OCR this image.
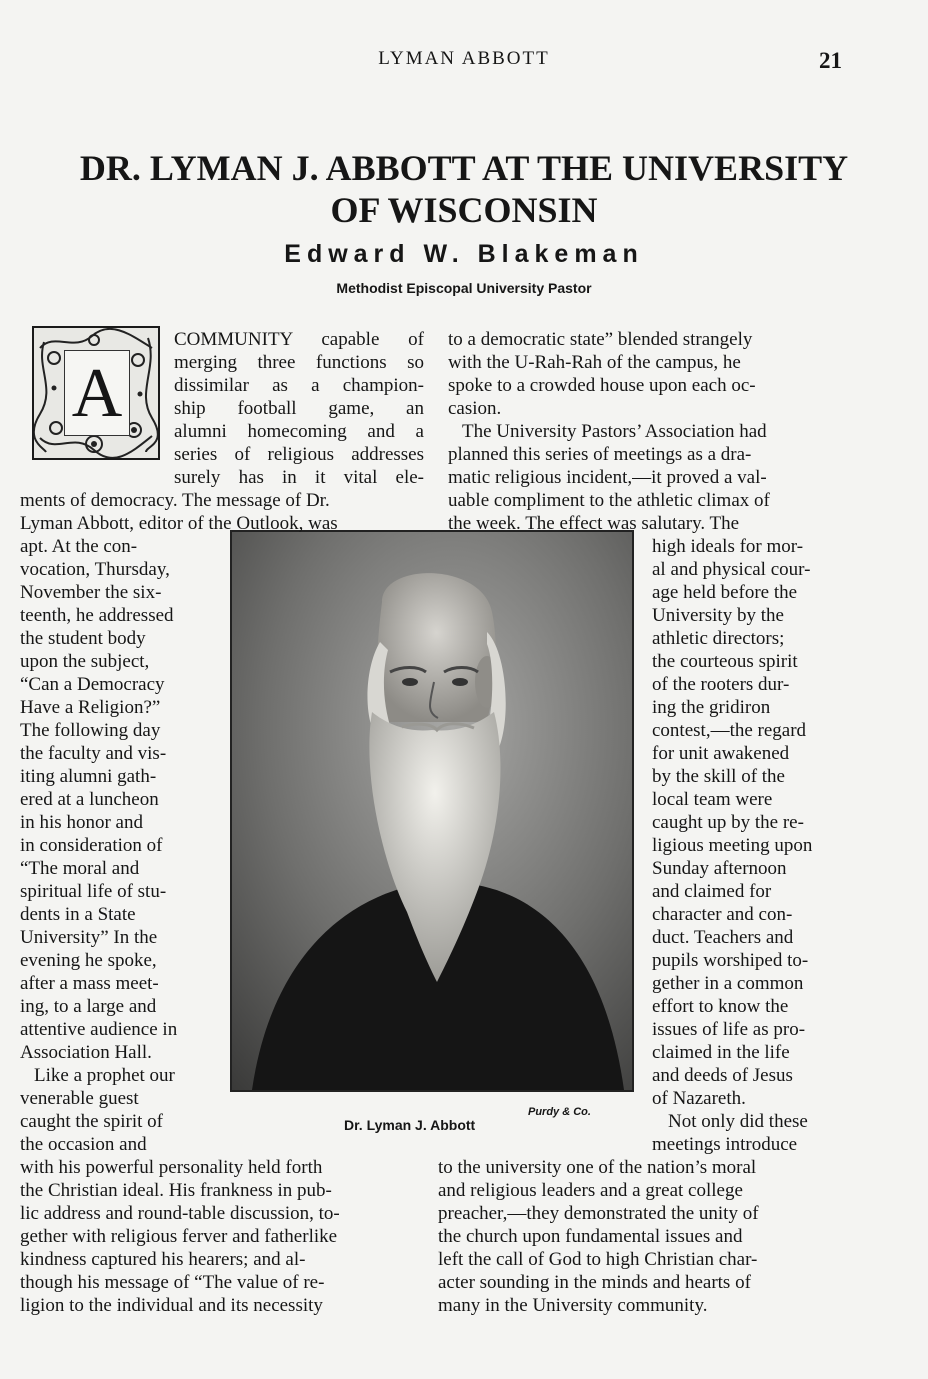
LYMAN ABBOTT	21
DR. LYMAN J. ABBOTT AT THE UNIVERSITY
OF WISCONSIN
Edward W. Blakeman
Methodist Episcopal University Pastor
A
Dr. Lyman J. Abbott
Purdy & Co.
COMMUNITY capable of
merging three functions so
dissimilar as a champion-
ship football game, an
alumni homecoming and a
series of religious addresses
surely has in it vital ele-
ments of democracy. The message of Dr.
Lyman Abbott, editor of the Outlook, was
apt. At the con-
vocation, Thursday,
November the six-
teenth, he addressed
the student body
upon the subject,
“Can a Democracy
Have a Religion?”
The following day
the faculty and vis-
iting alumni gath-
ered at a luncheon
in his honor and
in consideration of
“The moral and
spiritual life of stu-
dents in a State
University” In the
evening he spoke,
after a mass meet-
ing, to a large and
attentive audience in
Association Hall.
Like a prophet our
venerable guest
caught the spirit of
the occasion and
with his powerful personality held forth
the Christian ideal. His frankness in pub-
lic address and round-table discussion, to-
gether with religious ferver and fatherlike
kindness captured his hearers; and al-
though his message of “The value of re-
ligion to the individual and its necessity
to a democratic state” blended strangely
with the U-Rah-Rah of the campus, he
spoke to a crowded house upon each oc-
casion.
The University Pastors’ Association had
planned this series of meetings as a dra-
matic religious incident,—it proved a val-
uable compliment to the athletic climax of
the week. The effect was salutary. The
high ideals for mor-
al and physical cour-
age held before the
University by the
athletic directors;
the courteous spirit
of the rooters dur-
ing the gridiron
contest,—the regard
for unit awakened
by the skill of the
local team were
caught up by the re-
ligious meeting upon
Sunday afternoon
and claimed for
character and con-
duct. Teachers and
pupils worshiped to-
gether in a common
effort to know the
issues of life as pro-
claimed in the life
and deeds of Jesus
of Nazareth.
Not only did these
meetings introduce
to the university one of the nation’s moral
and religious leaders and a great college
preacher,—they demonstrated the unity of
the church upon fundamental issues and
left the call of God to high Christian char-
acter sounding in the minds and hearts of
many in the University community.
